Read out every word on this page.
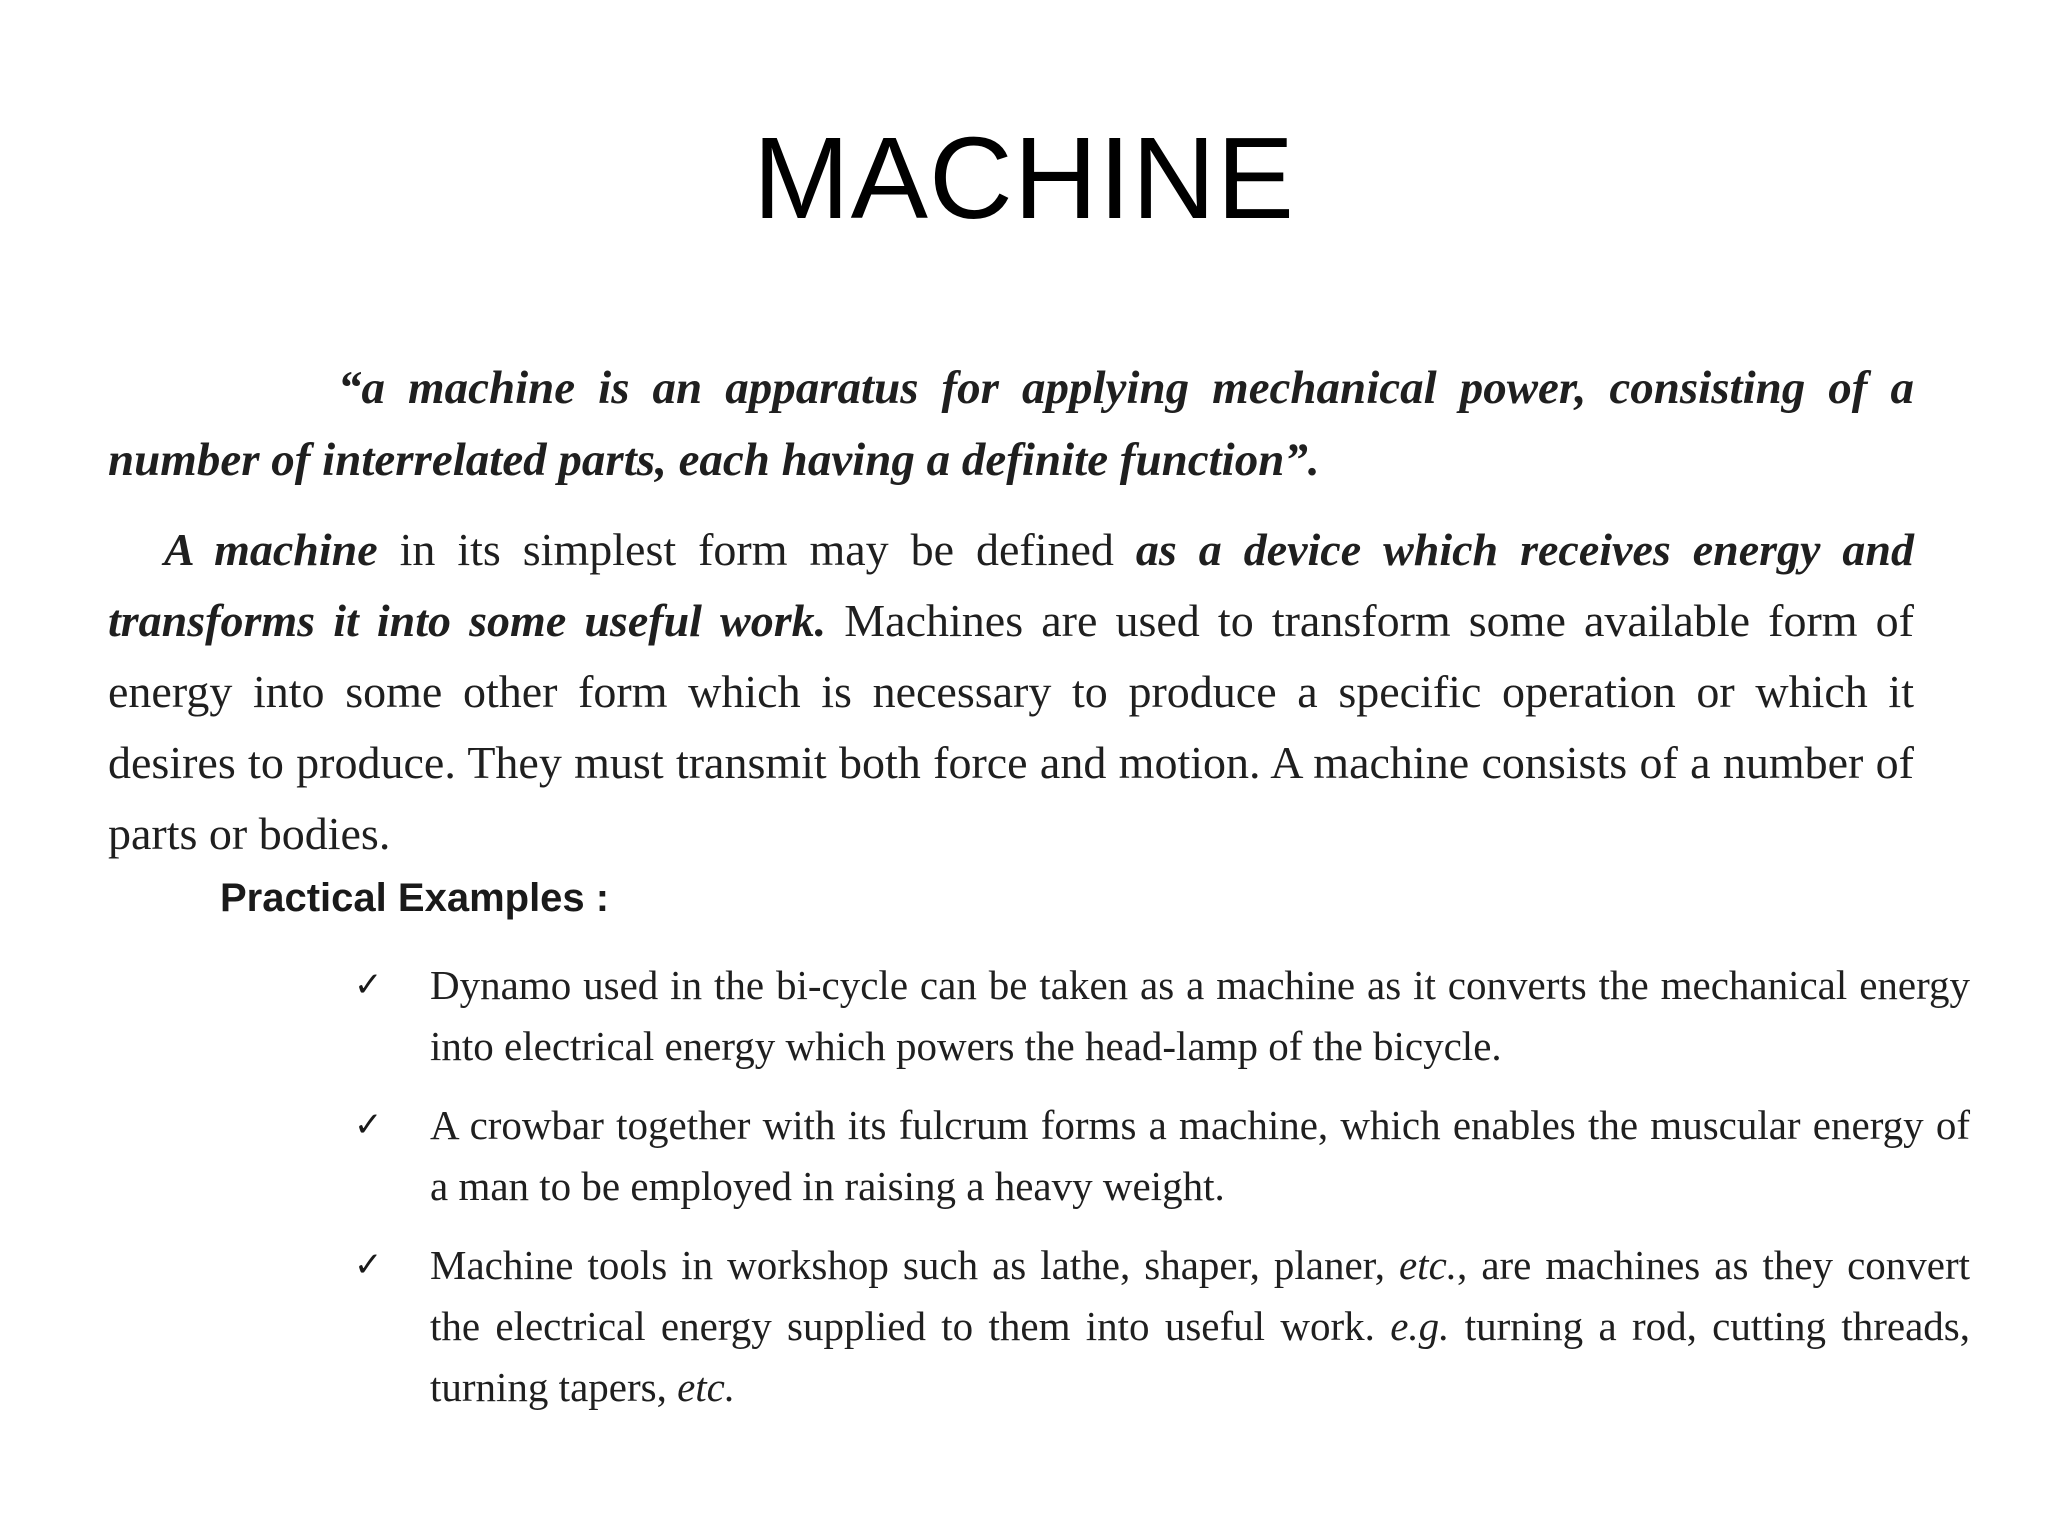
MACHINE

“a machine is an apparatus for applying mechanical power, consisting of a number of interrelated parts, each having a definite function”.

A machine in its simplest form may be defined as a device which receives energy and transforms it into some useful work. Machines are used to transform some available form of energy into some other form which is necessary to produce a specific operation or which it desires to produce. They must transmit both force and motion. A machine consists of a number of parts or bodies.

Practical Examples :
✓ Dynamo used in the bi-cycle can be taken as a machine as it converts the mechanical energy into electrical energy which powers the head-lamp of the bicycle.
✓ A crowbar together with its fulcrum forms a machine, which enables the muscular energy of a man to be employed in raising a heavy weight.
✓ Machine tools in workshop such as lathe, shaper, planer, etc., are machines as they convert the electrical energy supplied to them into useful work. e.g. turning a rod, cutting threads, turning tapers, etc.
